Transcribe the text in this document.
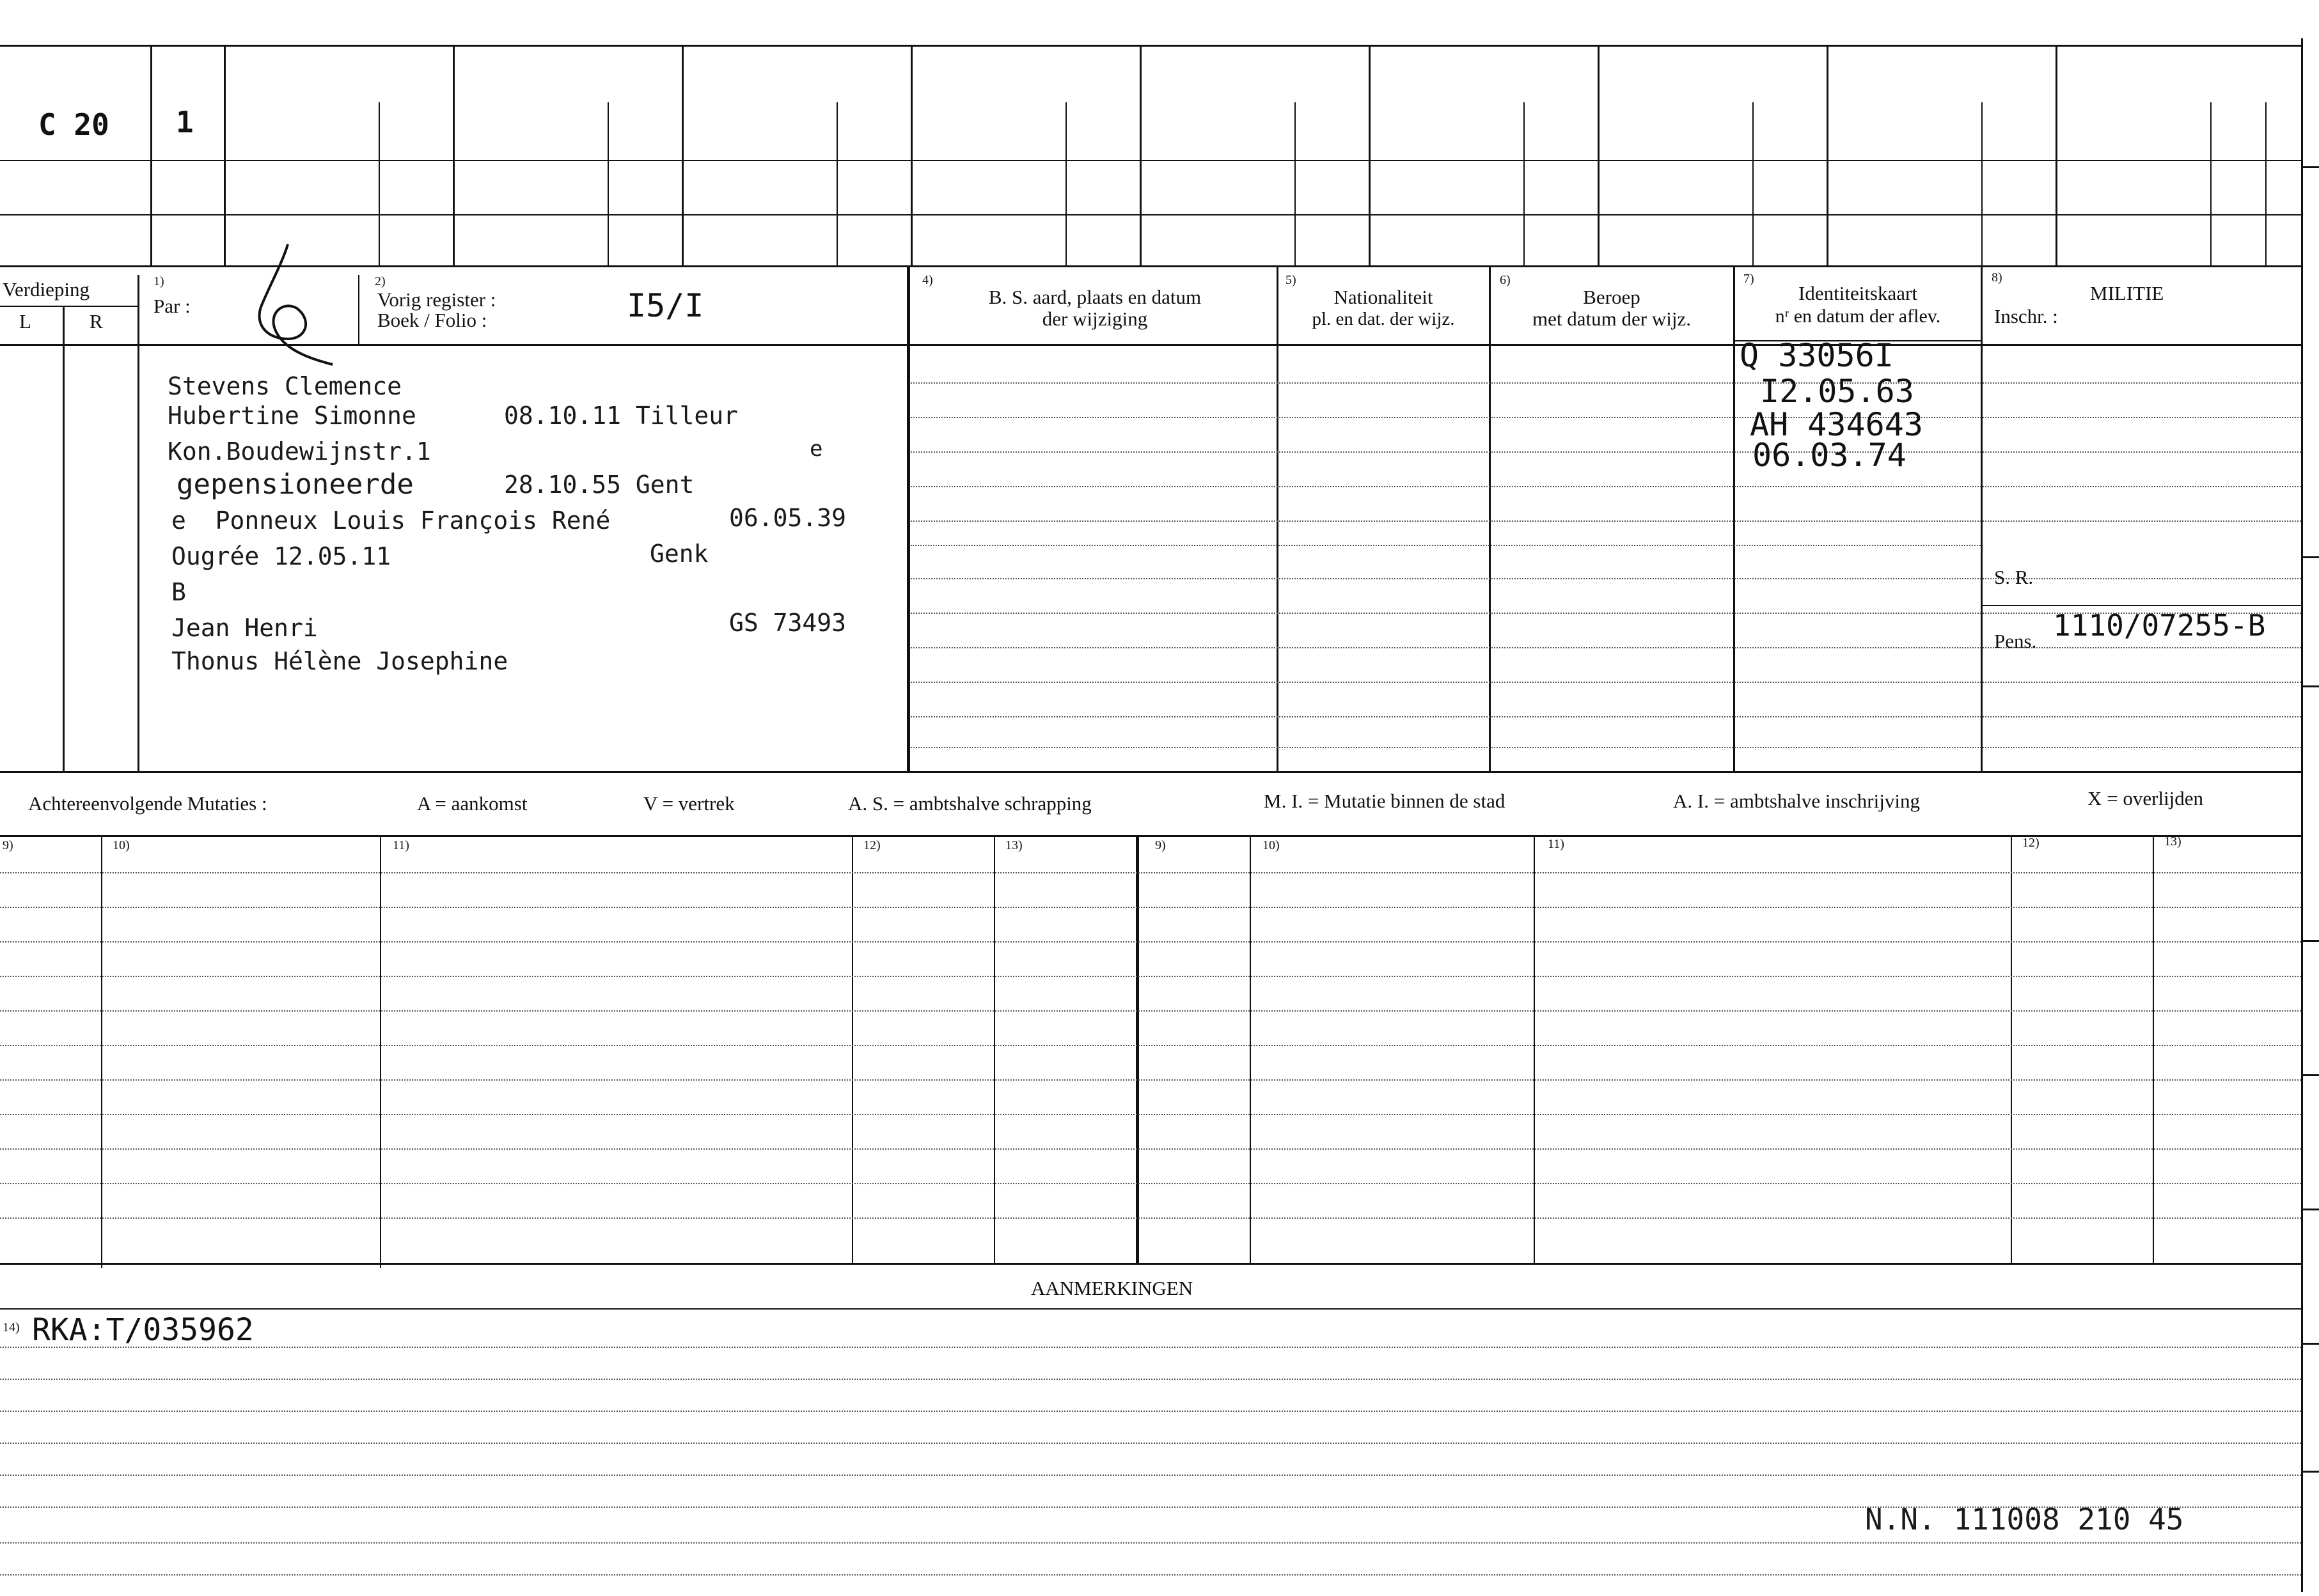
C 20 1
Verdieping
L	R
1)
Par :
2)
Vorig register :
Boek / Folio :	I5/I
4)
B. S. aard, plaats en datum
der wijziging
5)
Nationaliteit
pl. en dat. der wijz.
6)
Beroep
met datum der wijz.
7)
Identiteitskaart
nʳ en datum der aflev.
8)
MILITIE
Inschr. :
Stevens Clemence
Hubertine Simonne	08.10.11 Tilleur
Kon.Boudewijnstr.1	e
gepensioneerde	28.10.55 Gent
e  Ponneux Louis François René	06.05.39
Ougrée 12.05.11	Genk
B
Jean Henri	GS 73493
Thonus Hélène Josephine
Q 33056I
I2.05.63
AH 434643
06.03.74
S. R.
Pens. 1110/07255-B
Achtereenvolgende Mutaties :	A = aankomst	V = vertrek	A. S. = ambtshalve schrapping	M. I. = Mutatie binnen de stad	A. I. = ambtshalve inschrijving	X = overlijden
9)	10)	11)	12)	13)	9)	10)	11)	12)	13)
AANMERKINGEN
14) RKA:T/035962
N.N. 111008 210 45
